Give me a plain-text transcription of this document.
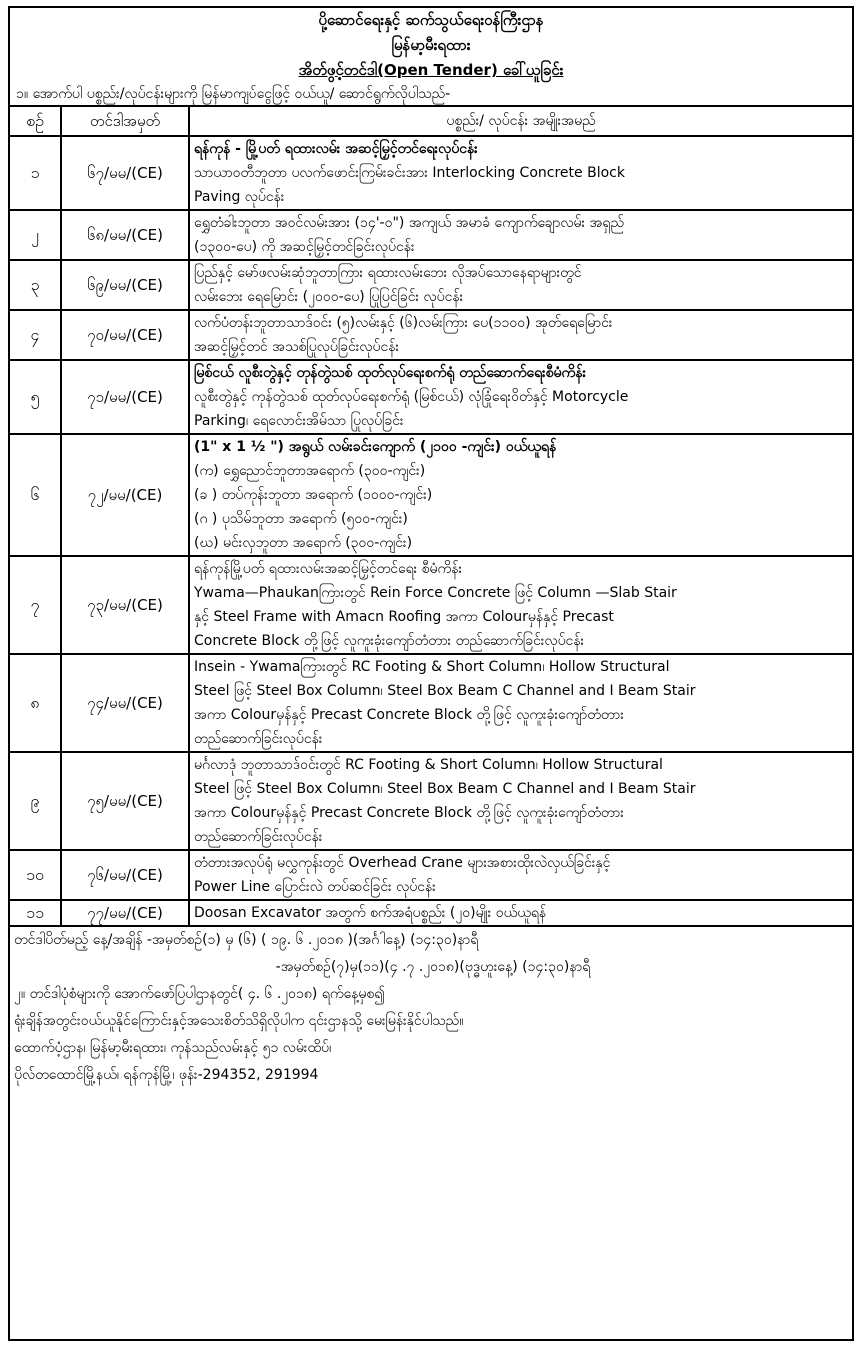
ပို့ဆောင်ရေးနှင့် ဆက်သွယ်ရေးဝန်ကြီးဌာန
မြန်မာ့မီးရထား
အိတ်ဖွင့်တင်ဒါ(Open Tender) ခေါ်ယူခြင်း
၁။ အောက်ပါ ပစ္စည်း/လုပ်ငန်းများကို မြန်မာကျပ်ငွေဖြင့် ဝယ်ယူ/ ဆောင်ရွက်လိုပါသည်-
စဉ်	တင်ဒါအမှတ်	ပစ္စည်း/ လုပ်ငန်း အမျိုးအမည်
၁	၆၇/မမ/(CE)	ရန်ကုန် - မြို့ပတ် ရထားလမ်း အဆင့်မြှင့်တင်ရေးလုပ်ငန်း
သာယာဝတီဘူတာ ပလက်ဖောင်းကြမ်းခင်းအား Interlocking Concrete Block
Paving လုပ်ငန်း

၂	၆၈/မမ/(CE)	ရွှေတံခါးဘူတာ အဝင်လမ်းအား (၁၄'-၀") အကျယ် အမာခံ ကျောက်ချောလမ်း အရှည်
(၁၃၀၀-ပေ) ကို အဆင့်မြှင့်တင်ခြင်းလုပ်ငန်း

၃	၆၉/မမ/(CE)	ပြည်နှင့် မော်ဖလမ်းဆုံဘူတာကြား ရထားလမ်းဘေး လိုအပ်သောနေရာများတွင်
လမ်းဘေး ရေမြောင်း (၂၀၀၀-ပေ) ပြုပြင်ခြင်း လုပ်ငန်း

၄	၇၀/မမ/(CE)	လက်ပံတန်းဘူတာသာဒ်ဝင်း (၅)လမ်းနှင့် (၆)လမ်းကြား ပေ(၁၁၀၀) အုတ်ရေမြောင်း
အဆင့်မြှင့်တင် အသစ်ပြုလုပ်ခြင်းလုပ်ငန်း

၅	၇၁/မမ/(CE)	မြစ်ငယ် လူစီးတွဲနှင့် တုန်တွဲသစ် ထုတ်လုပ်ရေးစက်ရုံ တည်ဆောက်ရေးစီမံကိန်း
လူစီးတွဲနှင့် ကုန်တွဲသစ် ထုတ်လုပ်ရေးစက်ရုံ (မြစ်ငယ်) လုံခြုံရေးဝိတ်နှင့် Motorcycle
Parking၊ ရေလောင်းအိမ်သာ ပြုလုပ်ခြင်း

၆	၇၂/မမ/(CE)	(1" x 1 ½ ") အရွယ် လမ်းခင်းကျောက် (၂၁၀၀ -ကျင်း) ဝယ်ယူရန်
(က) ရွှေညောင်ဘူတာအရောက် (၃၀၀-ကျင်း)
(ခ ) တပ်ကုန်းဘူတာ အရောက် (၁၀၀၀-ကျင်း)
(ဂ ) ပုသိမ်ဘူတာ အရောက် (၅၀၀-ကျင်း)
(ဃ) မင်းလှဘူတာ အရောက် (၃၀၀-ကျင်း)

၇	၇၃/မမ/(CE)	ရန်ကုန်မြို့ပတ် ရထားလမ်းအဆင့်မြှင့်တင်ရေး စီမံကိန်း
Ywama—Phaukanကြားတွင် Rein Force Concrete ဖြင့် Column —Slab Stair
နှင့် Steel Frame with Amacn Roofing အကာ Colourမှန်နှင့် Precast
Concrete Block တို့ဖြင့် လူကူးခုံးကျော်တံတား တည်ဆောက်ခြင်းလုပ်ငန်း

၈	၇၄/မမ/(CE)	Insein - Ywamaကြားတွင် RC Footing & Short Column၊ Hollow Structural
Steel ဖြင့် Steel Box Column၊ Steel Box Beam C Channel and I Beam Stair
အကာ Colourမှန်နှင့် Precast Concrete Block တို့ဖြင့် လူကူးခုံးကျော်တံတား
တည်ဆောက်ခြင်းလုပ်ငန်း

၉	၇၅/မမ/(CE)	မင်္ဂလာဒုံ ဘူတာသာဒ်ဝင်းတွင် RC Footing & Short Column၊ Hollow Structural
Steel ဖြင့် Steel Box Column၊ Steel Box Beam C Channel and I Beam Stair
အကာ Colourမှန်နှင့် Precast Concrete Block တို့ဖြင့် လူကူးခုံးကျော်တံတား
တည်ဆောက်ခြင်းလုပ်ငန်း

၁၀	၇၆/မမ/(CE)	တံတားအလုပ်ရုံ မလွှကုန်းတွင် Overhead Crane များအစားထိုးလဲလှယ်ခြင်းနှင့်
Power Line ပြောင်းလဲ တပ်ဆင်ခြင်း လုပ်ငန်း

၁၁	၇၇/မမ/(CE)	Doosan Excavator အတွက် စက်အရံပစ္စည်း (၂၀)မျိုး ဝယ်ယူရန်
တင်ဒါပိတ်မည့် နေ့/အချိန် -အမှတ်စဉ်(၁) မှ (၆) ( ၁၉. ၆ .၂၀၁၈ )(အင်္ဂါနေ့) (၁၄:၃၀)နာရီ
-အမှတ်စဉ်(၇)မှ(၁၁)(၄ .၇ .၂၀၁၈)(ဗုဒ္ဓဟူးနေ့) (၁၄:၃၀)နာရီ
၂။ တင်ဒါပုံစံများကို အောက်ဖော်ပြပါဌာနတွင်( ၄. ၆ .၂၀၁၈) ရက်နေ့မှစ၍
ရုံးချိန်အတွင်းဝယ်ယူနိုင်ကြောင်းနှင့်အသေးစိတ်သိရှိလိုပါက ၎င်းဌာနသို့ မေးမြန်းနိုင်ပါသည်။
ထောက်ပံ့ဌာန၊ မြန်မာ့မီးရထား၊ ကုန်သည်လမ်းနှင့် ၅၁ လမ်းထိပ်၊
ပိုလ်တထောင်မြို့နယ်၊ ရန်ကုန်မြို့၊ ဖုန်း-294352, 291994
